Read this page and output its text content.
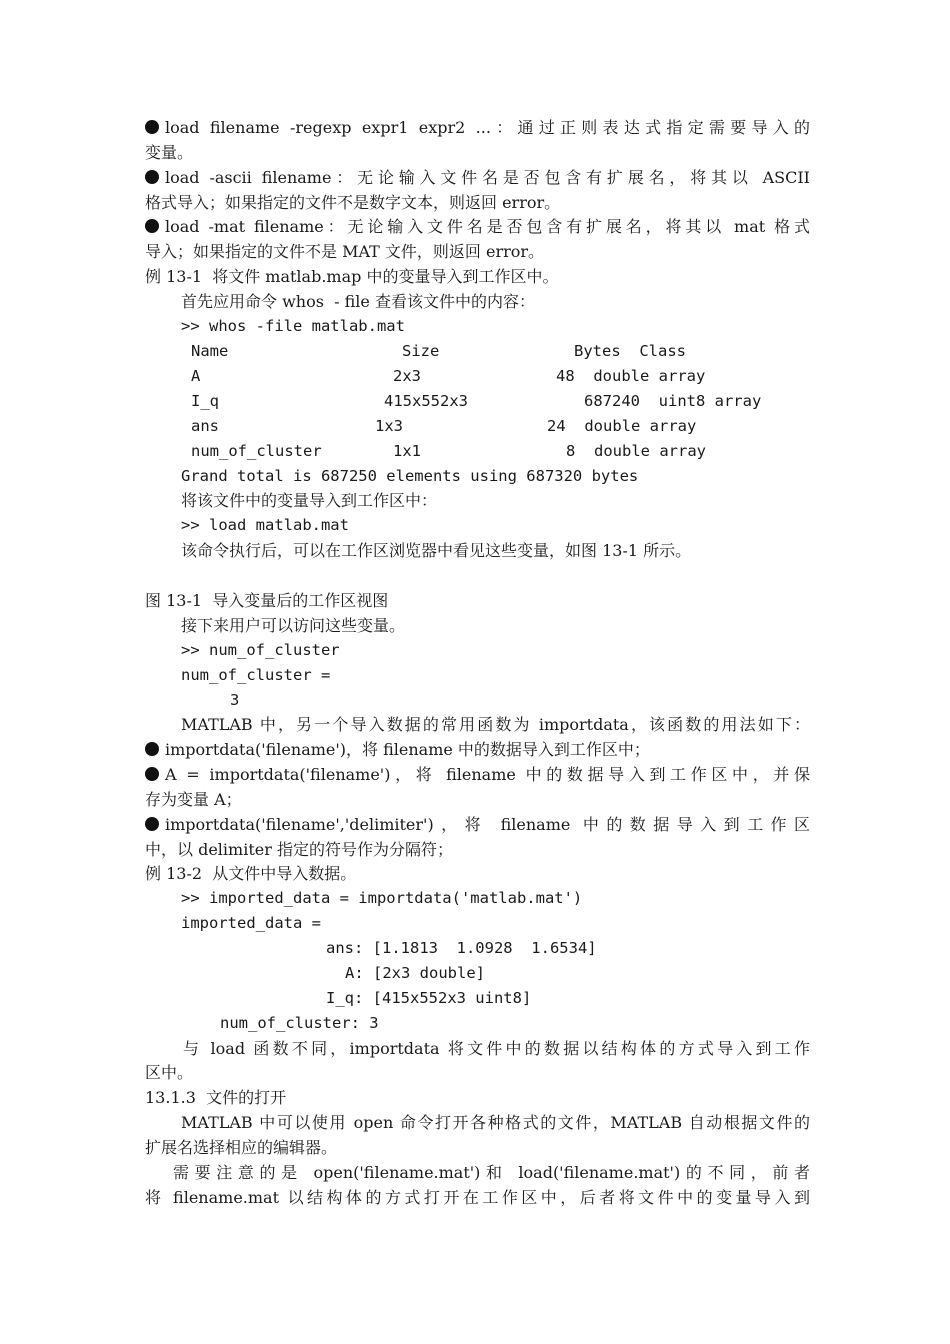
load filename -regexp expr1 expr2 ...：通过正则表达式指定需要导入的
变量。
load -ascii filename：无论输入文件名是否包含有扩展名，将其以 ASCII
格式导入；如果指定的文件不是数字文本，则返回 error。
load -mat filename：无论输入文件名是否包含有扩展名，将其以 mat 格式
导入；如果指定的文件不是 MAT 文件，则返回 error。
例 13-1  将文件 matlab.map 中的变量导入到工作区中。
首先应用命令 whos  - file 查看该文件中的内容：
>> whos -file matlab.mat
Name	Size	Bytes  Class
A	2x3	48  double array
I_q	415x552x3	687240  uint8 array
ans	1x3	24  double array
num_of_cluster	1x1	8  double array
Grand total is 687250 elements using 687320 bytes
将该文件中的变量导入到工作区中：
>> load matlab.mat
该命令执行后，可以在工作区浏览器中看见这些变量，如图 13-1 所示。
图 13-1  导入变量后的工作区视图
接下来用户可以访问这些变量。
>> num_of_cluster
num_of_cluster =
3
MATLAB 中，另一个导入数据的常用函数为 importdata，该函数的用法如下：
importdata('filename')，将 filename 中的数据导入到工作区中；
A = importdata('filename')，将 filename 中的数据导入到工作区中，并保
存为变量 A；
importdata('filename','delimiter')，将 filename 中的数据导入到工作区
中，以 delimiter 指定的符号作为分隔符；
例 13-2  从文件中导入数据。
>> imported_data = importdata('matlab.mat')
imported_data =
ans: [1.1813  1.0928  1.6534]
A: [2x3 double]
I_q: [415x552x3 uint8]
num_of_cluster: 3
与 load 函数不同，importdata 将文件中的数据以结构体的方式导入到工作
区中。
13.1.3  文件的打开
MATLAB 中可以使用 open 命令打开各种格式的文件，MATLAB 自动根据文件的
扩展名选择相应的编辑器。
需要注意的是 open('filename.mat')和 load('filename.mat')的不同，前者
将 filename.mat 以结构体的方式打开在工作区中，后者将文件中的变量导入到
